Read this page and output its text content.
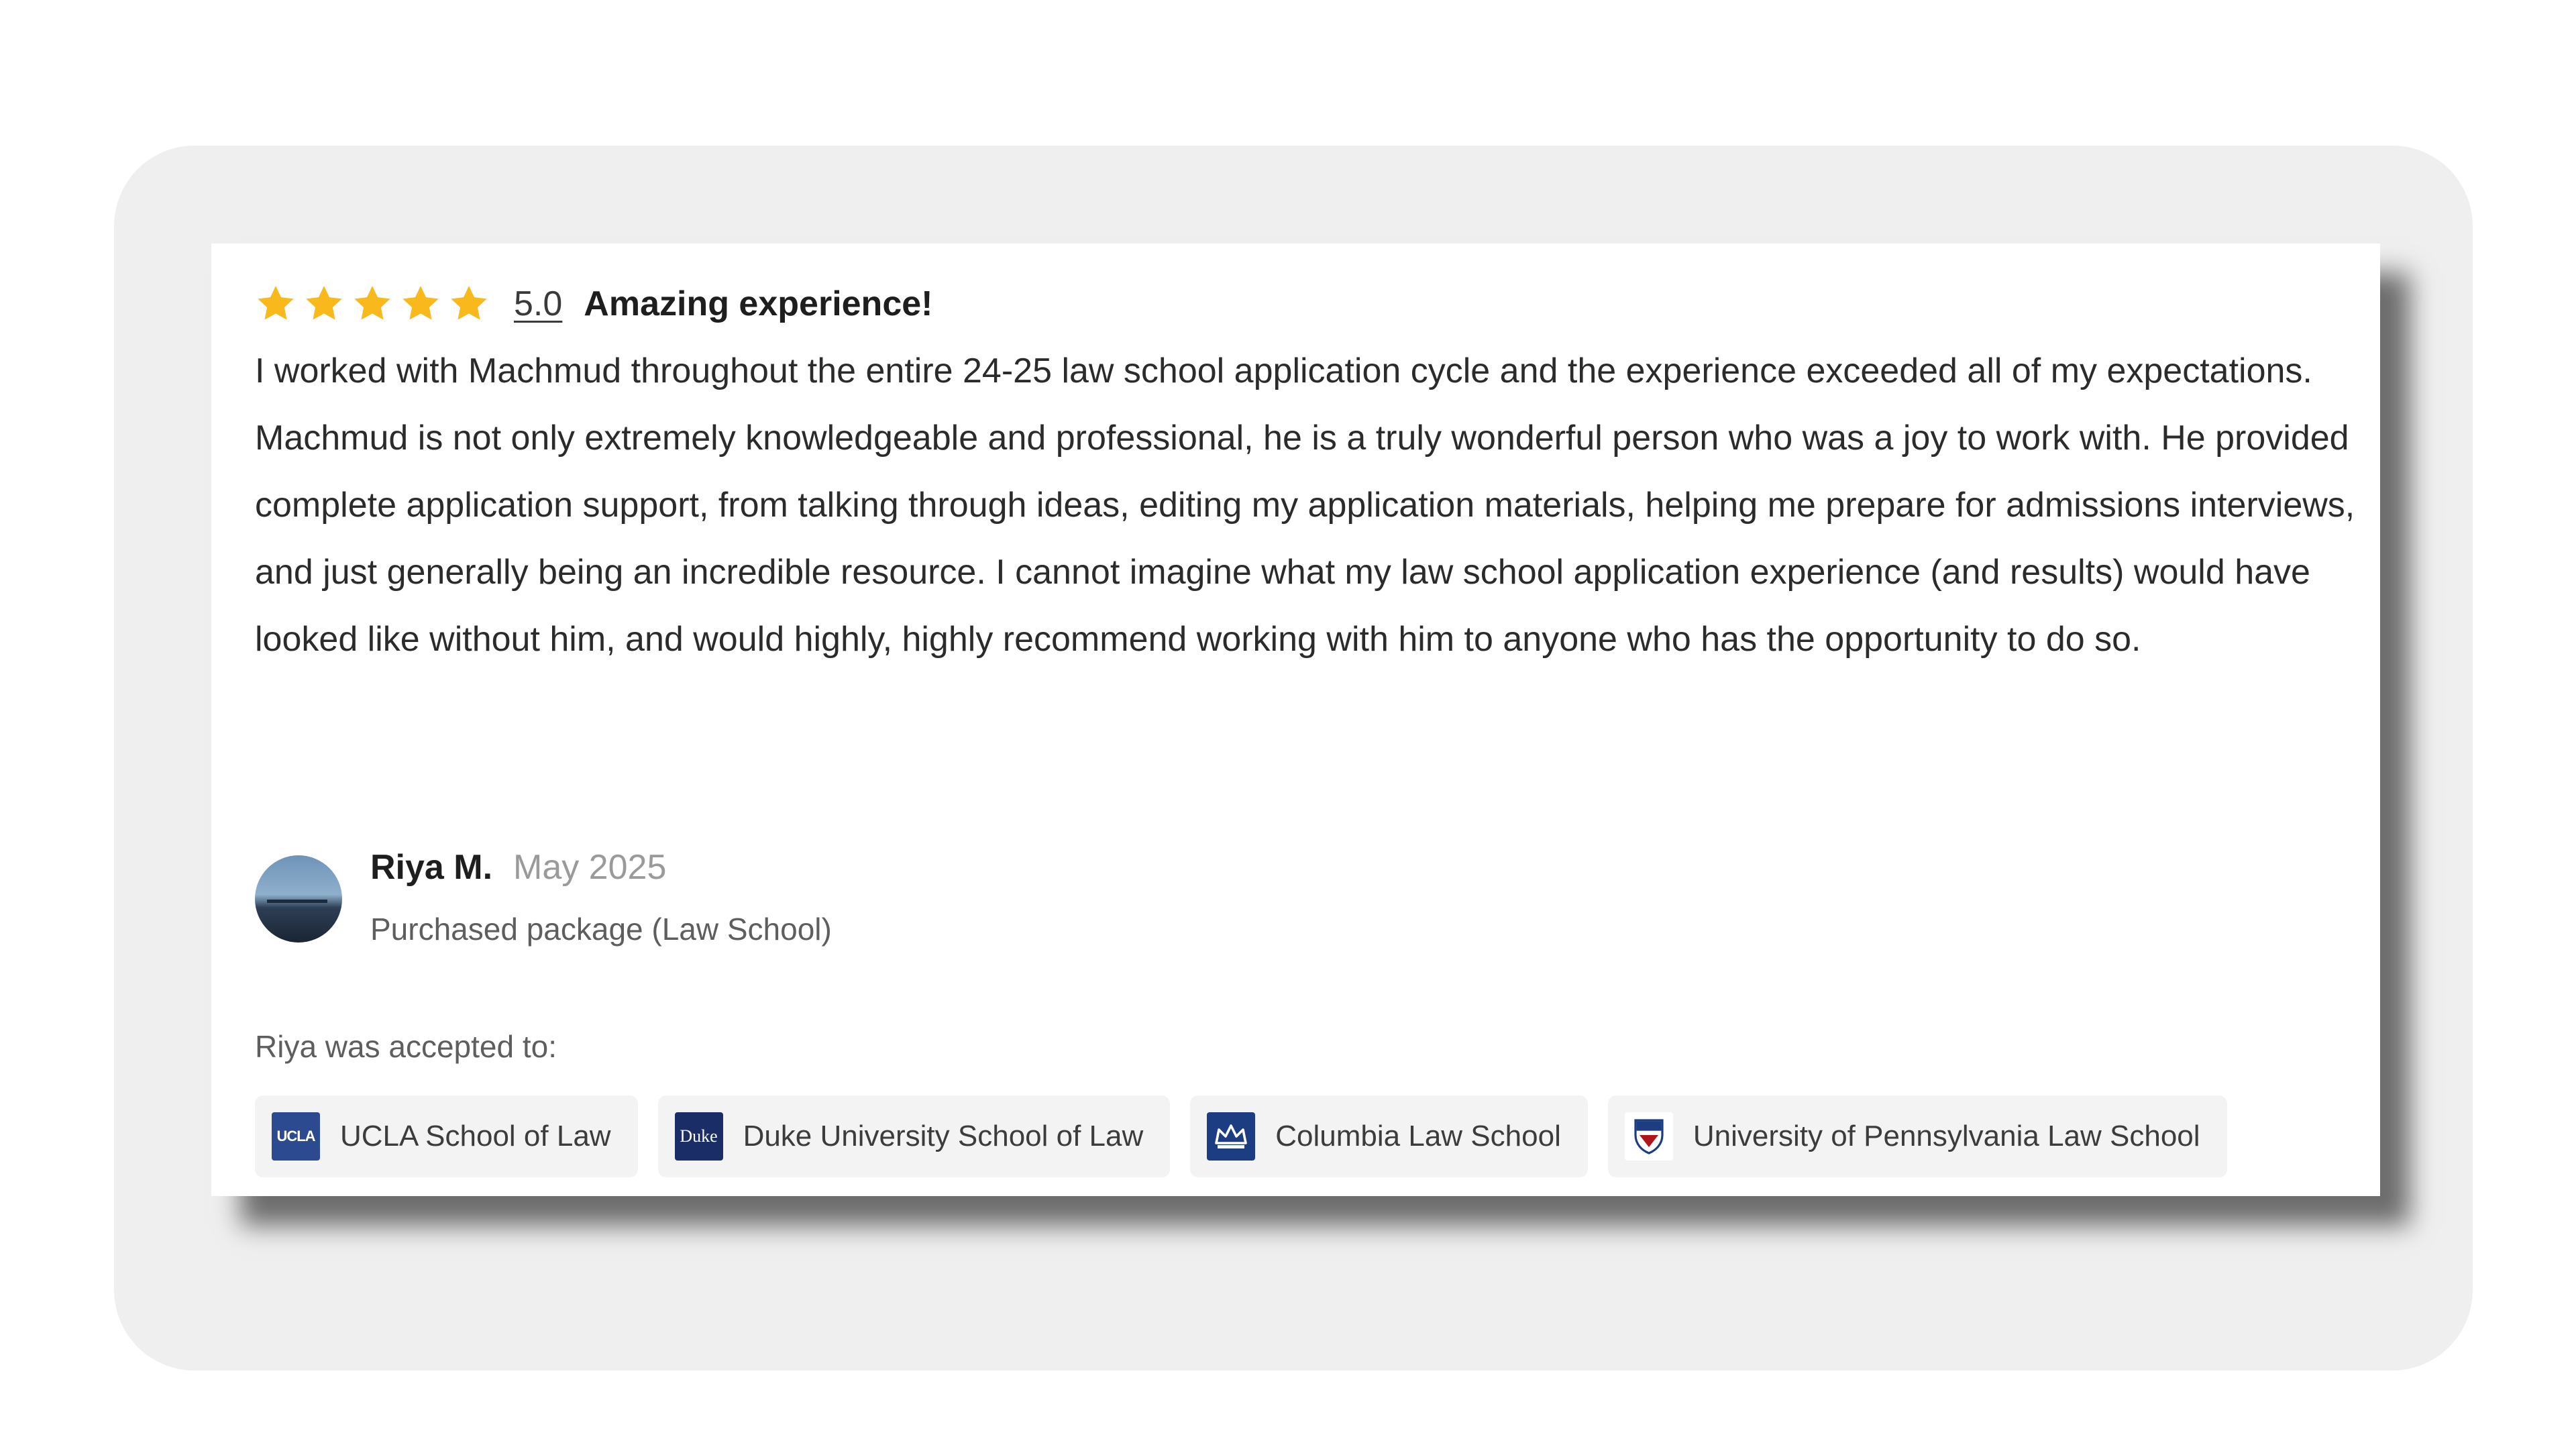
5.0 Amazing experience!

I worked with Machmud throughout the entire 24-25 law school application cycle and the experience exceeded all of my expectations. Machmud is not only extremely knowledgeable and professional, he is a truly wonderful person who was a joy to work with. He provided complete application support, from talking through ideas, editing my application materials, helping me prepare for admissions interviews, and just generally being an incredible resource. I cannot imagine what my law school application experience (and results) would have looked like without him, and would highly, highly recommend working with him to anyone who has the opportunity to do so.

Riya M. May 2025
Purchased package (Law School)
Riya was accepted to:
UCLA UCLA School of Law	Duke Duke University School of Law	Columbia Law School	University of Pennsylvania Law School
